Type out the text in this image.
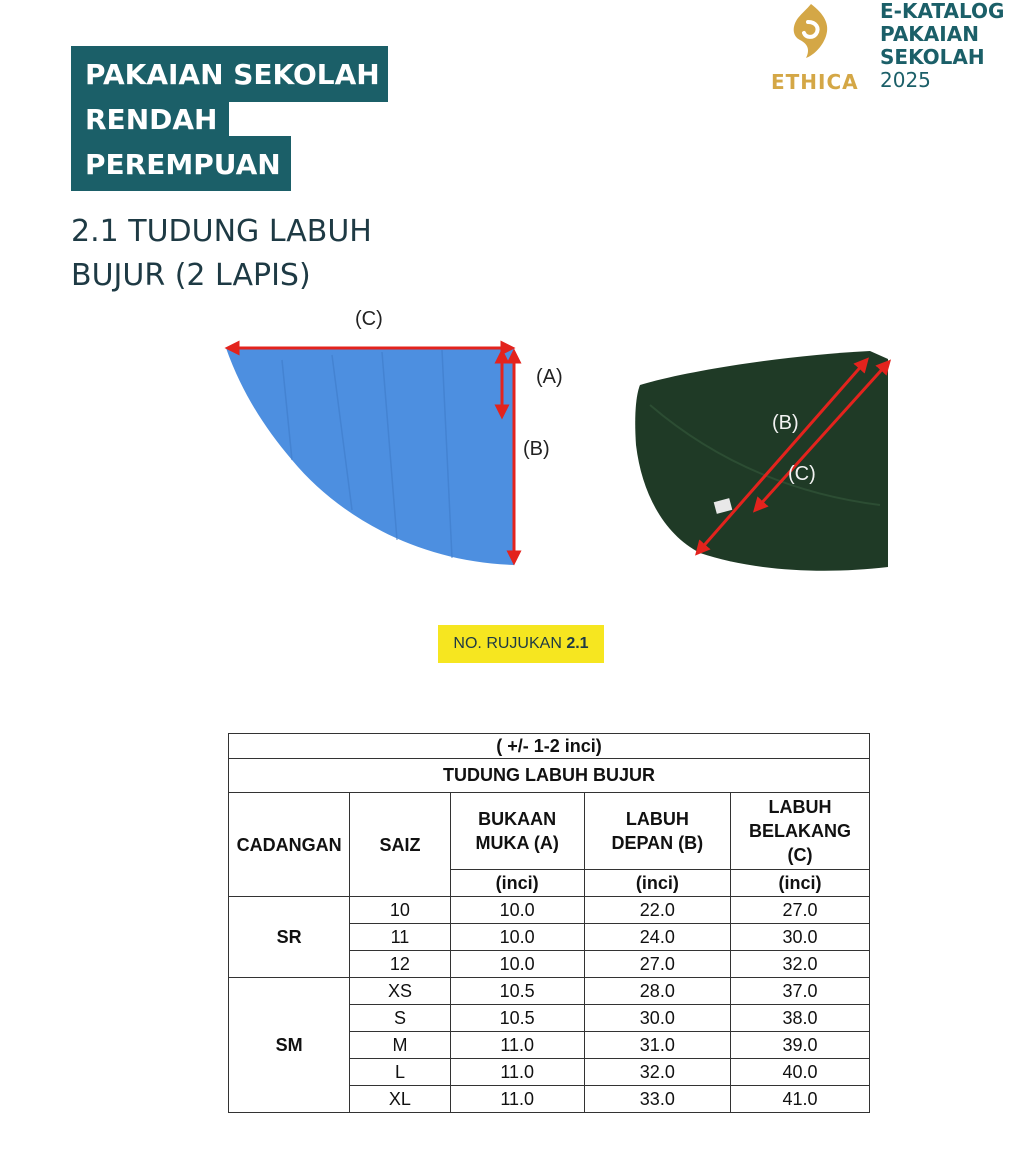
PAKAIAN SEKOLAH
RENDAH
PEREMPUAN
2.1 TUDUNG LABUH
BUJUR (2 LAPIS)
ETHICA
E-KATALOG
PAKAIAN
SEKOLAH
2025
(C)
(A)
(B)
(B)
(C)
NO. RUJUKAN 2.1
( +/- 1-2 inci)				
TUDUNG LABUH BUJUR				
CADANGAN	SAIZ	BUKAAN MUKA (A)	LABUH DEPAN (B)	LABUH BELAKANG (C)
		(inci)	(inci)	(inci)
SR	10	10.0	22.0	27.0
	11	10.0	24.0	30.0
	12	10.0	27.0	32.0
SM	XS	10.5	28.0	37.0
	S	10.5	30.0	38.0
	M	11.0	31.0	39.0
	L	11.0	32.0	40.0
	XL	11.0	33.0	41.0
